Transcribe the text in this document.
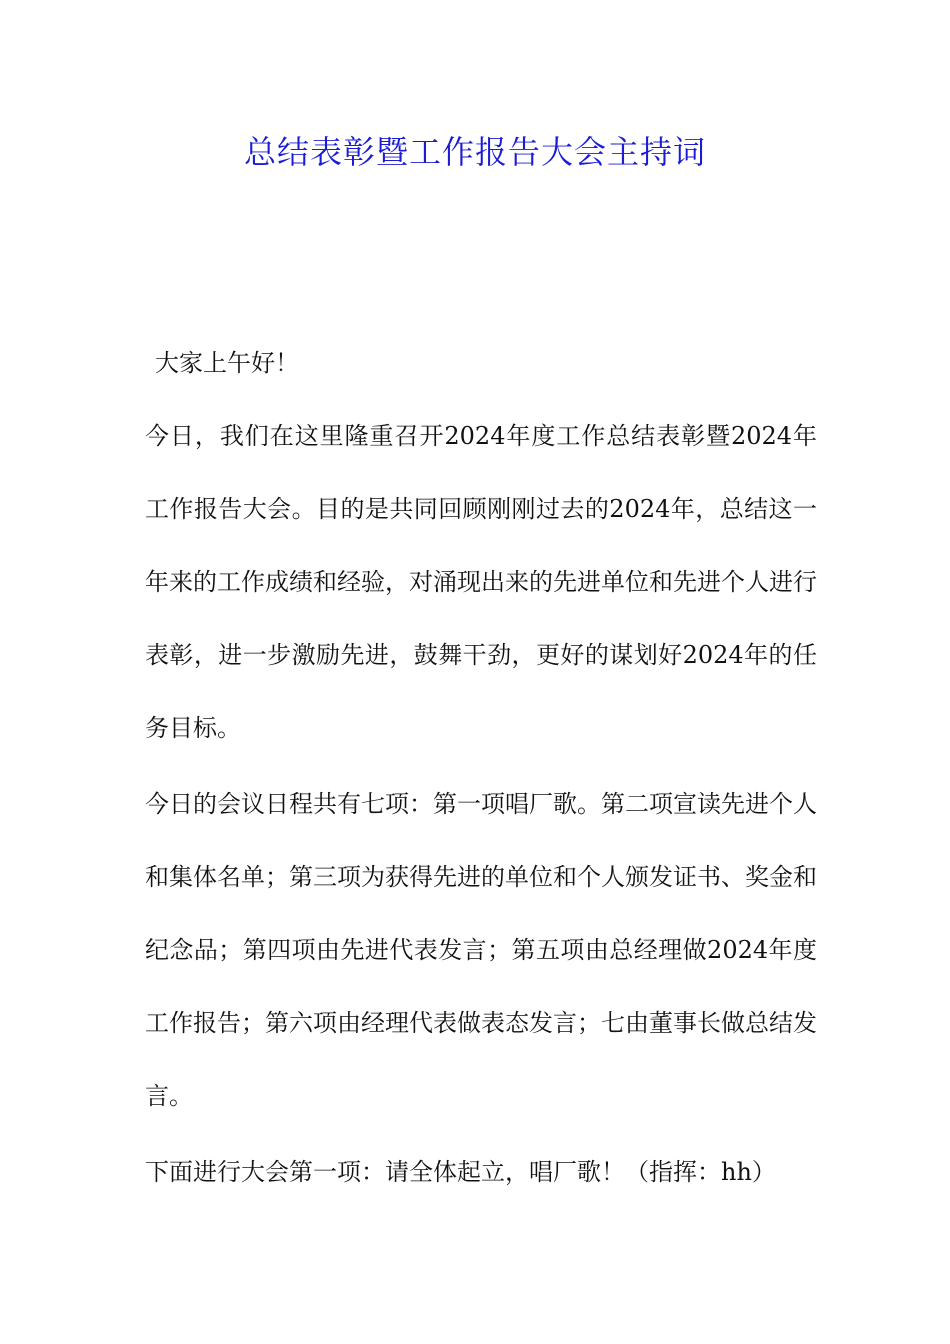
总结表彰暨工作报告大会主持词
大家上午好！
今日，我们在这里隆重召开2024年度工作总结表彰暨2024年工作报告大会。目的是共同回顾刚刚过去的2024年，总结这一年来的工作成绩和经验，对涌现出来的先进单位和先进个人进行表彰，进一步激励先进，鼓舞干劲，更好的谋划好2024年的任务目标。
今日的会议日程共有七项：第一项唱厂歌。第二项宣读先进个人和集体名单；第三项为获得先进的单位和个人颁发证书、奖金和纪念品；第四项由先进代表发言；第五项由总经理做2024年度工作报告；第六项由经理代表做表态发言；七由董事长做总结发言。
下面进行大会第一项：请全体起立，唱厂歌！（指挥：hh）
